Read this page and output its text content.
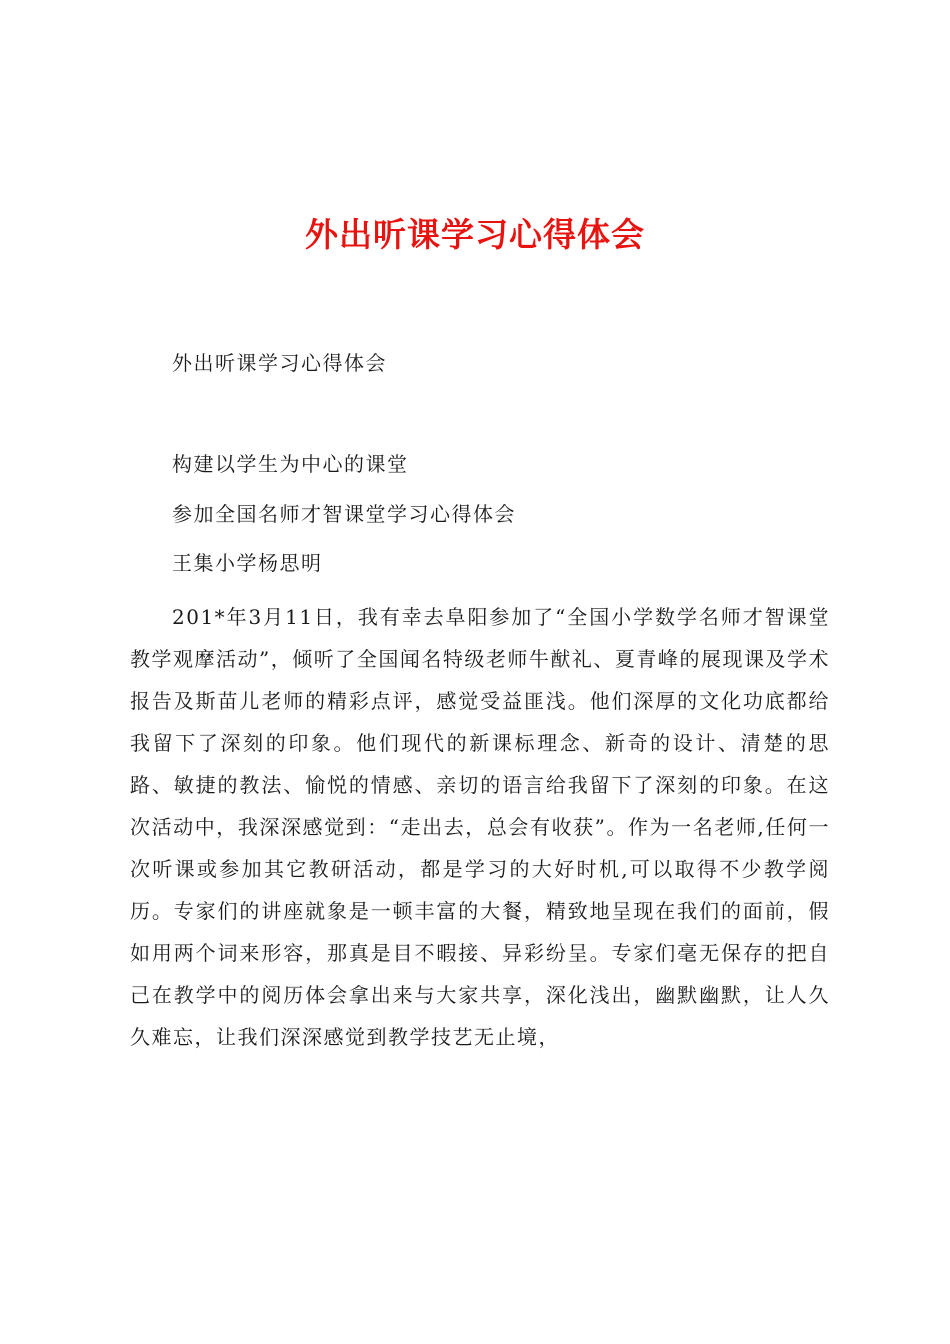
外出听课学习心得体会
外出听课学习心得体会
构建以学生为中心的课堂
参加全国名师才智课堂学习心得体会
王集小学杨思明

201*年3月11日，我有幸去阜阳参加了“全国小学数学名师才智课堂教学观摩活动”，倾听了全国闻名特级老师牛猷礼、夏青峰的展现课及学术报告及斯苗儿老师的精彩点评，感觉受益匪浅。他们深厚的文化功底都给我留下了深刻的印象。他们现代的新课标理念、新奇的设计、清楚的思路、敏捷的教法、愉悦的情感、亲切的语言给我留下了深刻的印象。在这次活动中，我深深感觉到：“走出去，总会有收获”。作为一名老师,任何一次听课或参加其它教研活动，都是学习的大好时机,可以取得不少教学阅历。专家们的讲座就象是一顿丰富的大餐，精致地呈现在我们的面前，假如用两个词来形容，那真是目不暇接、异彩纷呈。专家们毫无保存的把自己在教学中的阅历体会拿出来与大家共享，深化浅出，幽默幽默，让人久久难忘，让我们深深感觉到教学技艺无止境，
